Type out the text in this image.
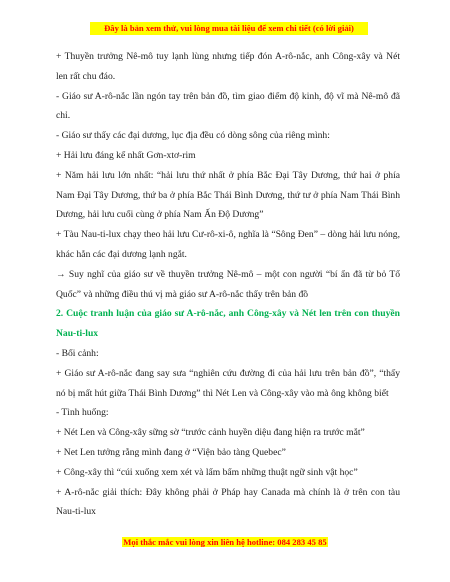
Đây là bản xem thử, vui lòng mua tài liệu để xem chi tiết (có lời giải)

+ Thuyền trưởng Nê-mô tuy lạnh lùng nhưng tiếp đón A-rô-nắc, anh Công-xây và Nét len rất chu đáo.

- Giáo sư A-rô-nắc lần ngón tay trên bản đồ, tìm giao điểm độ kinh, độ vĩ mà Nê-mô đã chỉ.

- Giáo sư thấy các đại dương, lục địa đều có dòng sông của riêng mình:

+ Hải lưu đáng kể nhất Gơn-xtơ-rim

+ Năm hải lưu lớn nhất: “hải lưu thứ nhất ở phía Bắc Đại Tây Dương, thứ hai ở phía Nam Đại Tây Dương, thứ ba ở phía Bắc Thái Bình Dương, thứ tư ở phía Nam Thái Bình Dương, hải lưu cuối cùng ở phía Nam Ấn Độ Dương”

+ Tàu Nau-ti-lux chạy theo hải lưu Cư-rô-xi-ô, nghĩa là “Sông Đen” – dòng hải lưu nóng, khác hẳn các đại dương lạnh ngắt.

→ Suy nghĩ của giáo sư về thuyền trưởng Nê-mô – một con người “bí ẩn đã từ bỏ Tổ Quốc” và những điều thú vị mà giáo sư A-rô-nắc thấy trên bản đồ

2. Cuộc tranh luận của giáo sư A-rô-nắc, anh Công-xây và Nét len trên con thuyền Nau-ti-lux

- Bối cảnh:

+ Giáo sư A-rô-nắc đang say sưa “nghiên cứu đường đi của hải lưu trên bản đồ”, “thấy nó bị mất hút giữa Thái Bình Dương” thì Nét Len và Công-xây vào mà ông không biết

- Tình huống:

+ Nét Len và Công-xây sững sờ “trước cảnh huyền diệu đang hiện ra trước mắt”

+ Net Len tưởng rằng mình đang ở “Viện bảo tàng Quebec”

+ Công-xây thì “cúi xuống xem xét và lẩm bẩm những thuật ngữ sinh vật học”

+ A-rô-nắc giải thích: Đây không phải ở Pháp hay Canada mà chính là ở trên con tàu Nau-ti-lux

Mọi thắc mắc vui lòng xin liên hệ hotline: 084 283 45 85
